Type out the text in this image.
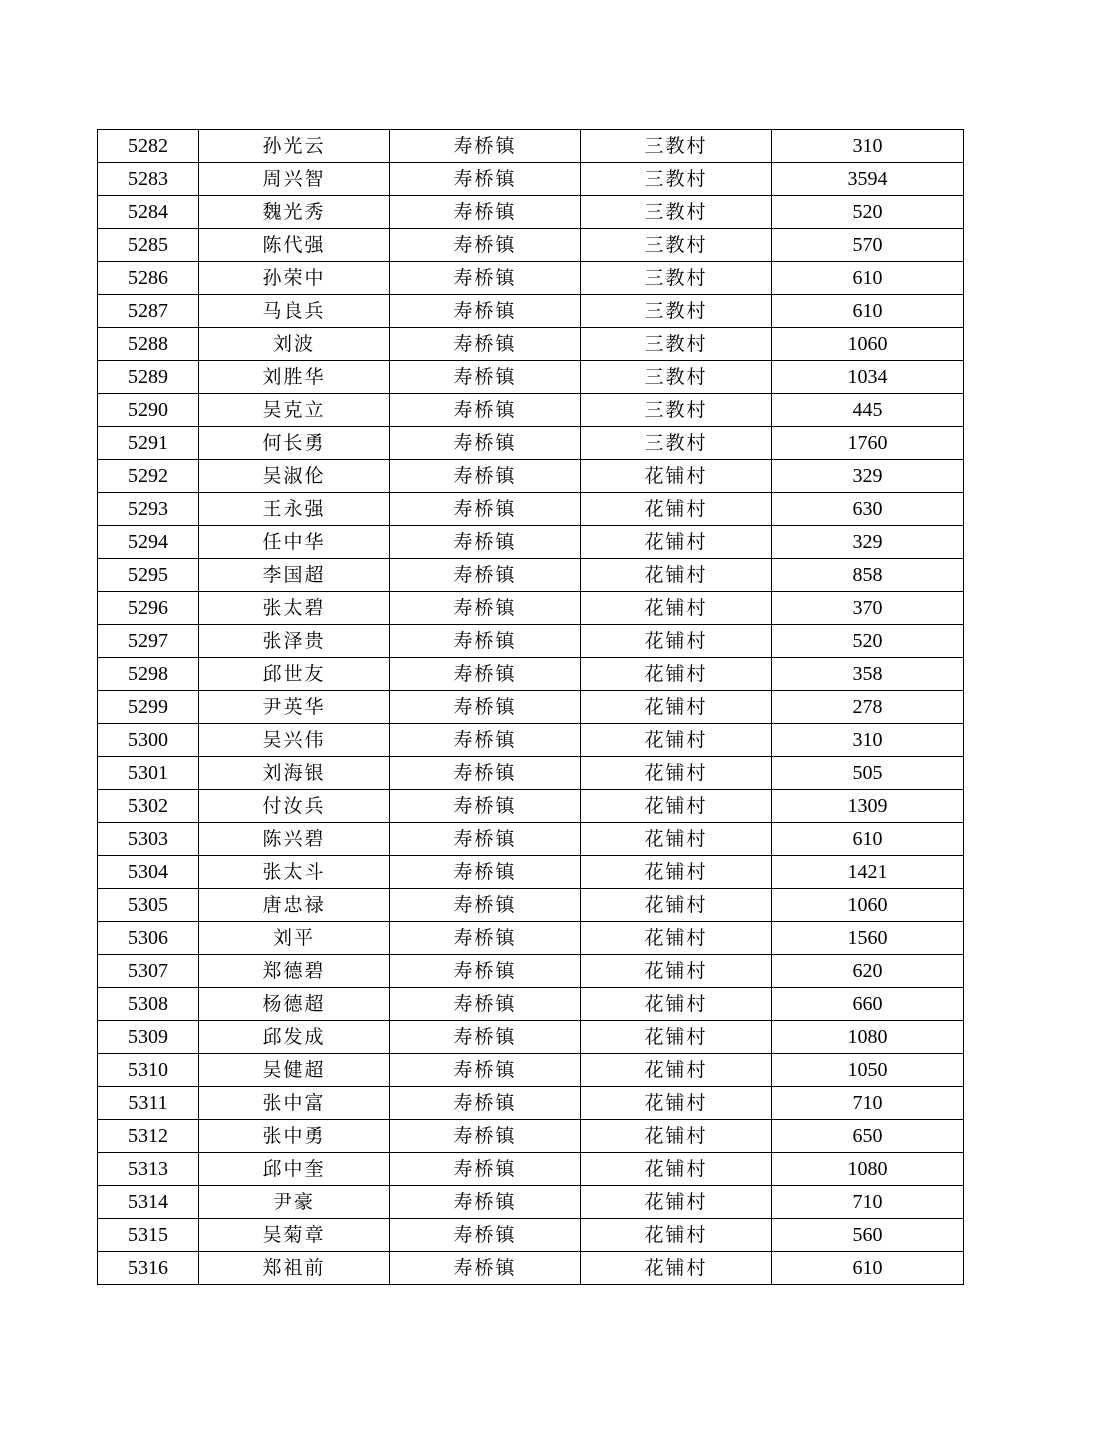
5282	孙光云	寿桥镇	三教村	310
5283	周兴智	寿桥镇	三教村	3594
5284	魏光秀	寿桥镇	三教村	520
5285	陈代强	寿桥镇	三教村	570
5286	孙荣中	寿桥镇	三教村	610
5287	马良兵	寿桥镇	三教村	610
5288	刘波	寿桥镇	三教村	1060
5289	刘胜华	寿桥镇	三教村	1034
5290	吴克立	寿桥镇	三教村	445
5291	何长勇	寿桥镇	三教村	1760
5292	吴淑伦	寿桥镇	花铺村	329
5293	王永强	寿桥镇	花铺村	630
5294	任中华	寿桥镇	花铺村	329
5295	李国超	寿桥镇	花铺村	858
5296	张太碧	寿桥镇	花铺村	370
5297	张泽贵	寿桥镇	花铺村	520
5298	邱世友	寿桥镇	花铺村	358
5299	尹英华	寿桥镇	花铺村	278
5300	吴兴伟	寿桥镇	花铺村	310
5301	刘海银	寿桥镇	花铺村	505
5302	付汝兵	寿桥镇	花铺村	1309
5303	陈兴碧	寿桥镇	花铺村	610
5304	张太斗	寿桥镇	花铺村	1421
5305	唐忠禄	寿桥镇	花铺村	1060
5306	刘平	寿桥镇	花铺村	1560
5307	郑德碧	寿桥镇	花铺村	620
5308	杨德超	寿桥镇	花铺村	660
5309	邱发成	寿桥镇	花铺村	1080
5310	吴健超	寿桥镇	花铺村	1050
5311	张中富	寿桥镇	花铺村	710
5312	张中勇	寿桥镇	花铺村	650
5313	邱中奎	寿桥镇	花铺村	1080
5314	尹豪	寿桥镇	花铺村	710
5315	吴菊章	寿桥镇	花铺村	560
5316	郑祖前	寿桥镇	花铺村	610
